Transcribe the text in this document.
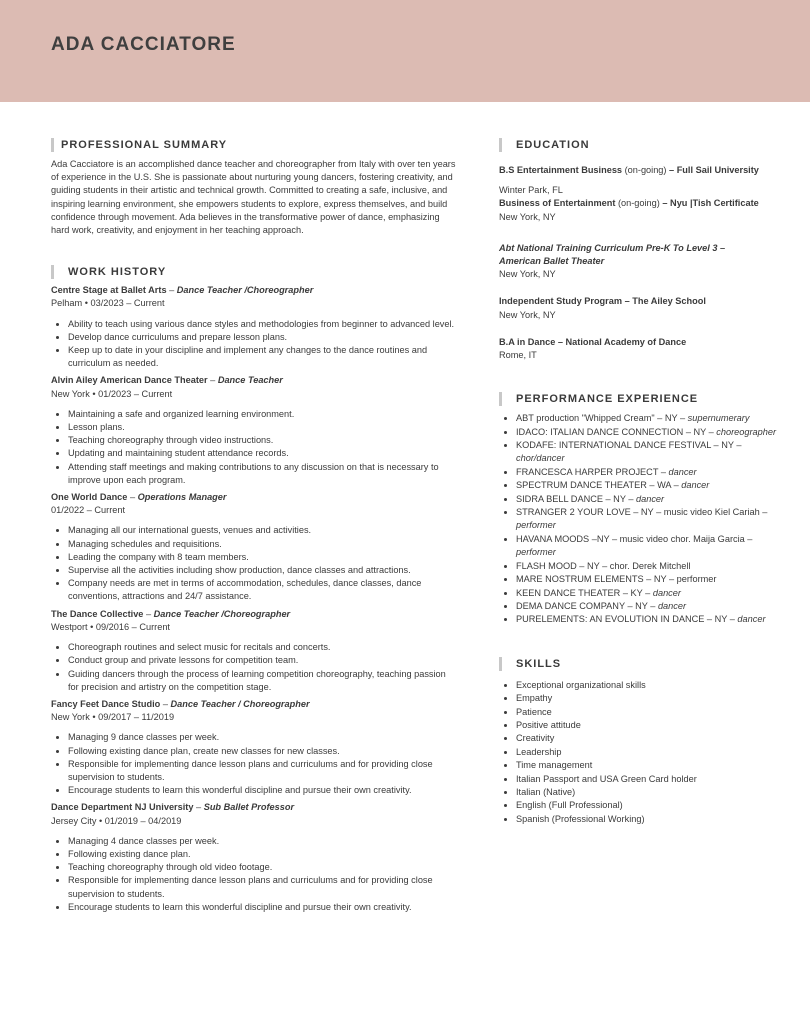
ADA CACCIATORE
PROFESSIONAL SUMMARY

Ada Cacciatore is an accomplished dance teacher and choreographer from Italy with over ten years of experience in the U.S. She is passionate about nurturing young dancers, fostering creativity, and guiding students in their artistic and technical growth. Committed to creating a safe, inclusive, and inspiring learning environment, she empowers students to explore, express themselves, and build confidence through movement. Ada believes in the transformative power of dance, emphasizing hard work, creativity, and enjoyment in her teaching approach.

WORK HISTORY
Centre Stage at Ballet Arts – Dance Teacher /Choreographer
Pelham • 03/2023 – Current
• Ability to teach using various dance styles and methodologies from beginner to advanced level.
• Develop dance curriculums and prepare lesson plans.
• Keep up to date in your discipline and implement any changes to the dance routines and curriculum as needed.
Alvin Ailey American Dance Theater – Dance Teacher
New York • 01/2023 – Current
• Maintaining a safe and organized learning environment.
• Lesson plans.
• Teaching choreography through video instructions.
• Updating and maintaining student attendance records.
• Attending staff meetings and making contributions to any discussion on that is necessary to improve upon each program.
One World Dance – Operations Manager
01/2022 – Current
• Managing all our international guests, venues and activities.
• Managing schedules and requisitions.
• Leading the company with 8 team members.
• Supervise all the activities including show production, dance classes and attractions.
• Company needs are met in terms of accommodation, schedules, dance classes, dance conventions, attractions and 24/7 assistance.
The Dance Collective – Dance Teacher /Choreographer
Westport • 09/2016 – Current
• Choreograph routines and select music for recitals and concerts.
• Conduct group and private lessons for competition team.
• Guiding dancers through the process of learning competition choreography, teaching passion for precision and artistry on the competition stage.
Fancy Feet Dance Studio – Dance Teacher / Choreographer
New York • 09/2017 – 11/2019
• Managing 9 dance classes per week.
• Following existing dance plan, create new classes for new classes.
• Responsible for implementing dance lesson plans and curriculums and for providing close supervision to students.
• Encourage students to learn this wonderful discipline and pursue their own creativity.
Dance Department NJ University – Sub Ballet Professor
Jersey City • 01/2019 – 04/2019
• Managing 4 dance classes per week.
• Following existing dance plan.
• Teaching choreography through old video footage.
• Responsible for implementing dance lesson plans and curriculums and for providing close supervision to students.
• Encourage students to learn this wonderful discipline and pursue their own creativity.
EDUCATION
B.S Entertainment Business (on-going) – Full Sail University
Winter Park, FL
Business of Entertainment (on-going) – Nyu |Tish Certificate
New York, NY
Abt National Training Curriculum Pre-K To Level 3 – American Ballet Theater
New York, NY
Independent Study Program – The Ailey School
New York, NY
B.A in Dance – National Academy of Dance
Rome, IT
PERFORMANCE EXPERIENCE
• ABT production "Whipped Cream" – NY – supernumerary
• IDACO: ITALIAN DANCE CONNECTION – NY – choreographer
• KODAFE: INTERNATIONAL DANCE FESTIVAL – NY – chor/dancer
• FRANCESCA HARPER PROJECT – dancer
• SPECTRUM DANCE THEATER – WA – dancer
• SIDRA BELL DANCE – NY – dancer
• STRANGER 2 YOUR LOVE – NY – music video Kiel Cariah – performer
• HAVANA MOODS –NY – music video chor. Maija Garcia – performer
• FLASH MOOD – NY – chor. Derek Mitchell
• MARE NOSTRUM ELEMENTS – NY – performer
• KEEN DANCE THEATER – KY – dancer
• DEMA DANCE COMPANY – NY – dancer
• PURELEMENTS: AN EVOLUTION IN DANCE – NY – dancer
SKILLS
• Exceptional organizational skills
• Empathy
• Patience
• Positive attitude
• Creativity
• Leadership
• Time management
• Italian Passport and USA Green Card holder
• Italian (Native)
• English (Full Professional)
• Spanish (Professional Working)
